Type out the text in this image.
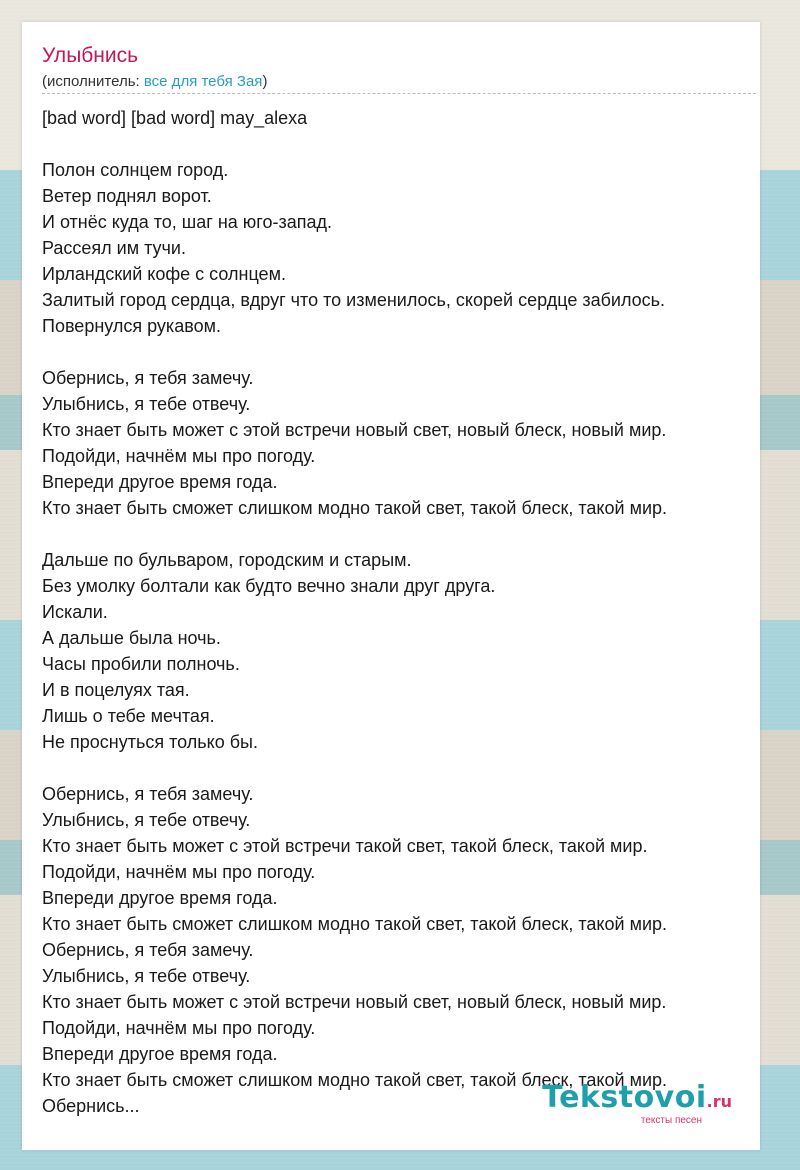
Улыбнись
(исполнитель: все для тебя Зая)
[bad word] [bad word] may_alexa
Полон солнцем город.
Ветер поднял ворот.
И отнёс куда то, шаг на юго-запад.
Рассеял им тучи.
Ирландский кофе с солнцем.
Залитый город сердца, вдруг что то изменилось, скорей сердце забилось.
Повернулся рукавом.
Обернись, я тебя замечу.
Улыбнись, я тебе отвечу.
Кто знает быть может с этой встречи новый свет, новый блеск, новый мир.
Подойди, начнём мы про погоду.
Впереди другое время года.
Кто знает быть сможет слишком модно такой свет, такой блеск, такой мир.
Дальше по бульваром, городским и старым.
Без умолку болтали как будто вечно знали друг друга.
Искали.
А дальше была ночь.
Часы пробили полночь.
И в поцелуях тая.
Лишь о тебе мечтая.
Не проснуться только бы.
Обернись, я тебя замечу.
Улыбнись, я тебе отвечу.
Кто знает быть может с этой встречи такой свет, такой блеск, такой мир.
Подойди, начнём мы про погоду.
Впереди другое время года.
Кто знает быть сможет слишком модно такой свет, такой блеск, такой мир.
Обернись, я тебя замечу.
Улыбнись, я тебе отвечу.
Кто знает быть может с этой встречи новый свет, новый блеск, новый мир.
Подойди, начнём мы про погоду.
Впереди другое время года.
Кто знает быть сможет слишком модно такой свет, такой блеск, такой мир.
Обернись...	Tekstovoi.ru
тексты песен
